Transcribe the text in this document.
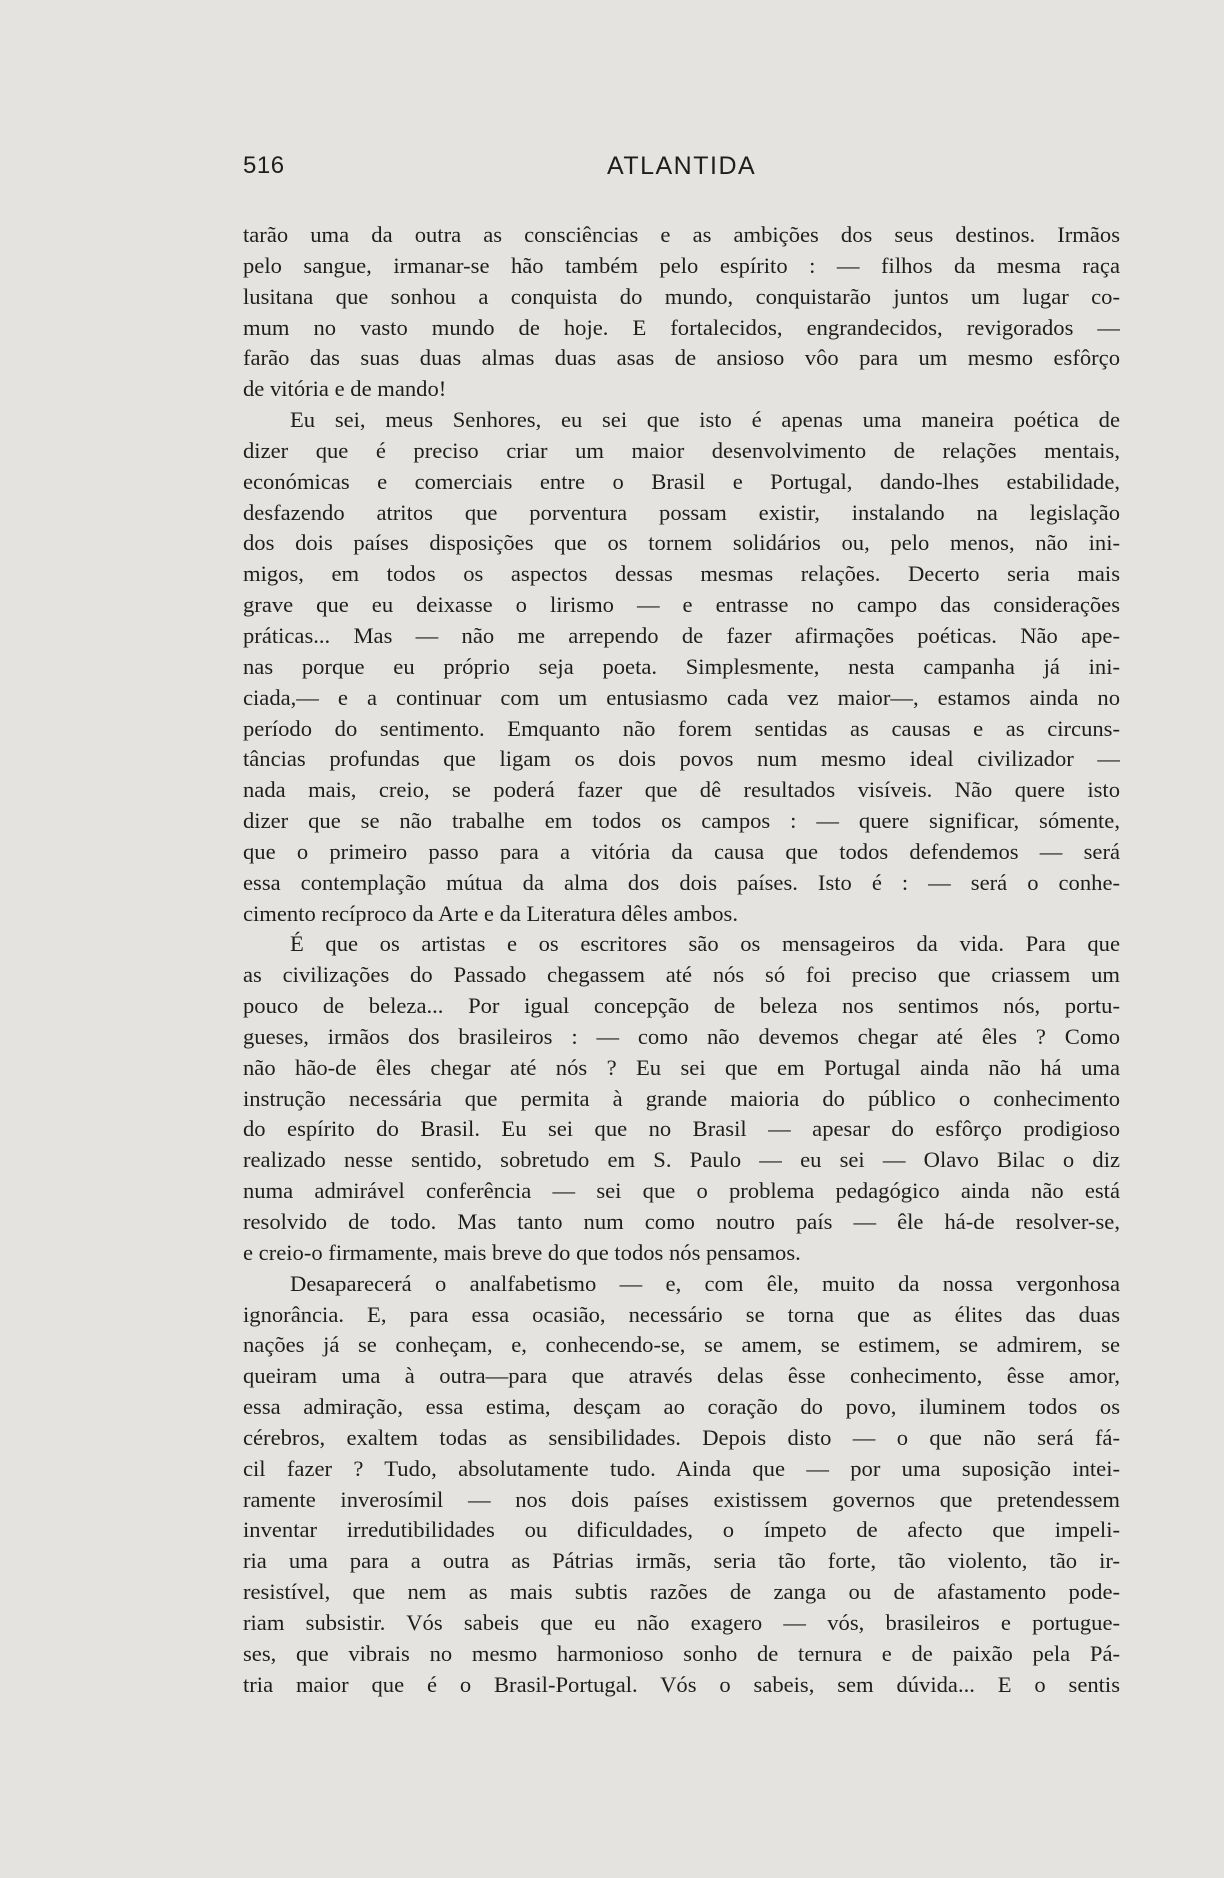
516	ATLANTIDA
tarão uma da outra as consciências e as ambições dos seus destinos. Irmãos
pelo sangue, irmanar-se hão também pelo espírito : — filhos da mesma raça
lusitana que sonhou a conquista do mundo, conquistarão juntos um lugar co-
mum no vasto mundo de hoje. E fortalecidos, engrandecidos, revigorados —
farão das suas duas almas duas asas de ansioso vôo para um mesmo esfôrço
de vitória e de mando!
Eu sei, meus Senhores, eu sei que isto é apenas uma maneira poética de
dizer que é preciso criar um maior desenvolvimento de relações mentais,
económicas e comerciais entre o Brasil e Portugal, dando-lhes estabilidade,
desfazendo atritos que porventura possam existir, instalando na legislação
dos dois países disposições que os tornem solidários ou, pelo menos, não ini-
migos, em todos os aspectos dessas mesmas relações. Decerto seria mais
grave que eu deixasse o lirismo — e entrasse no campo das considerações
práticas... Mas — não me arrependo de fazer afirmações poéticas. Não ape-
nas porque eu próprio seja poeta. Simplesmente, nesta campanha já ini-
ciada,— e a continuar com um entusiasmo cada vez maior—, estamos ainda no
período do sentimento. Emquanto não forem sentidas as causas e as circuns-
tâncias profundas que ligam os dois povos num mesmo ideal civilizador —
nada mais, creio, se poderá fazer que dê resultados visíveis. Não quere isto
dizer que se não trabalhe em todos os campos : — quere significar, sómente,
que o primeiro passo para a vitória da causa que todos defendemos — será
essa contemplação mútua da alma dos dois países. Isto é : — será o conhe-
cimento recíproco da Arte e da Literatura dêles ambos.
É que os artistas e os escritores são os mensageiros da vida. Para que
as civilizações do Passado chegassem até nós só foi preciso que criassem um
pouco de beleza... Por igual concepção de beleza nos sentimos nós, portu-
gueses, irmãos dos brasileiros : — como não devemos chegar até êles ? Como
não hão-de êles chegar até nós ? Eu sei que em Portugal ainda não há uma
instrução necessária que permita à grande maioria do público o conhecimento
do espírito do Brasil. Eu sei que no Brasil — apesar do esfôrço prodigioso
realizado nesse sentido, sobretudo em S. Paulo — eu sei — Olavo Bilac o diz
numa admirável conferência — sei que o problema pedagógico ainda não está
resolvido de todo. Mas tanto num como noutro país — êle há-de resolver-se,
e creio-o firmamente, mais breve do que todos nós pensamos.
Desaparecerá o analfabetismo — e, com êle, muito da nossa vergonhosa
ignorância. E, para essa ocasião, necessário se torna que as élites das duas
nações já se conheçam, e, conhecendo-se, se amem, se estimem, se admirem, se
queiram uma à outra—para que através delas êsse conhecimento, êsse amor,
essa admiração, essa estima, desçam ao coração do povo, iluminem todos os
cérebros, exaltem todas as sensibilidades. Depois disto — o que não será fá-
cil fazer ? Tudo, absolutamente tudo. Ainda que — por uma suposição intei-
ramente inverosímil — nos dois países existissem governos que pretendessem
inventar irredutibilidades ou dificuldades, o ímpeto de afecto que impeli-
ria uma para a outra as Pátrias irmãs, seria tão forte, tão violento, tão ir-
resistível, que nem as mais subtis razões de zanga ou de afastamento pode-
riam subsistir. Vós sabeis que eu não exagero — vós, brasileiros e portugue-
ses, que vibrais no mesmo harmonioso sonho de ternura e de paixão pela Pá-
tria maior que é o Brasil-Portugal. Vós o sabeis, sem dúvida... E o sentis
